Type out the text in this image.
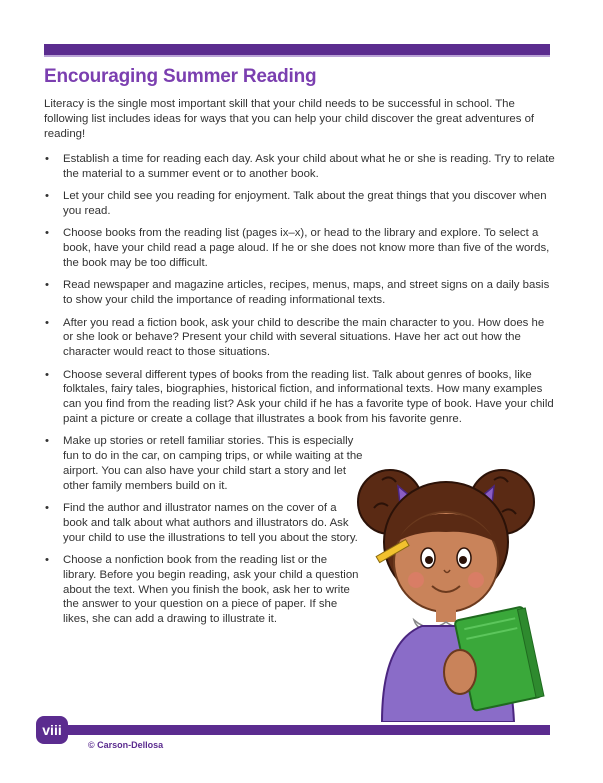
Encouraging Summer Reading

Literacy is the single most important skill that your child needs to be successful in school. The following list includes ideas for ways that you can help your child discover the great adventures of reading!

• Establish a time for reading each day. Ask your child about what he or she is reading. Try to relate the material to a summer event or to another book.
• Let your child see you reading for enjoyment. Talk about the great things that you discover when you read.
• Choose books from the reading list (pages ix–x), or head to the library and explore. To select a book, have your child read a page aloud. If he or she does not know more than five of the words, the book may be too difficult.
• Read newspaper and magazine articles, recipes, menus, maps, and street signs on a daily basis to show your child the importance of reading informational texts.
• After you read a fiction book, ask your child to describe the main character to you. How does he or she look or behave? Present your child with several situations. Have her act out how the character would react to those situations.
• Choose several different types of books from the reading list. Talk about genres of books, like folktales, fairy tales, biographies, historical fiction, and informational texts. How many examples can you find from the reading list? Ask your child if he has a favorite type of book. Have your child paint a picture or create a collage that illustrates a book from his favorite genre.
• Make up stories or retell familiar stories. This is especially fun to do in the car, on camping trips, or while waiting at the airport. You can also have your child start a story and let other family members build on it.
• Find the author and illustrator names on the cover of a book and talk about what authors and illustrators do. Ask your child to use the illustrations to tell you about the story.
• Choose a nonfiction book from the reading list or the library. Before you begin reading, ask your child a question about the text. When you finish the book, ask her to write the answer to your question on a piece of paper. If she likes, she can add a drawing to illustrate it.
viii
© Carson-Dellosa
